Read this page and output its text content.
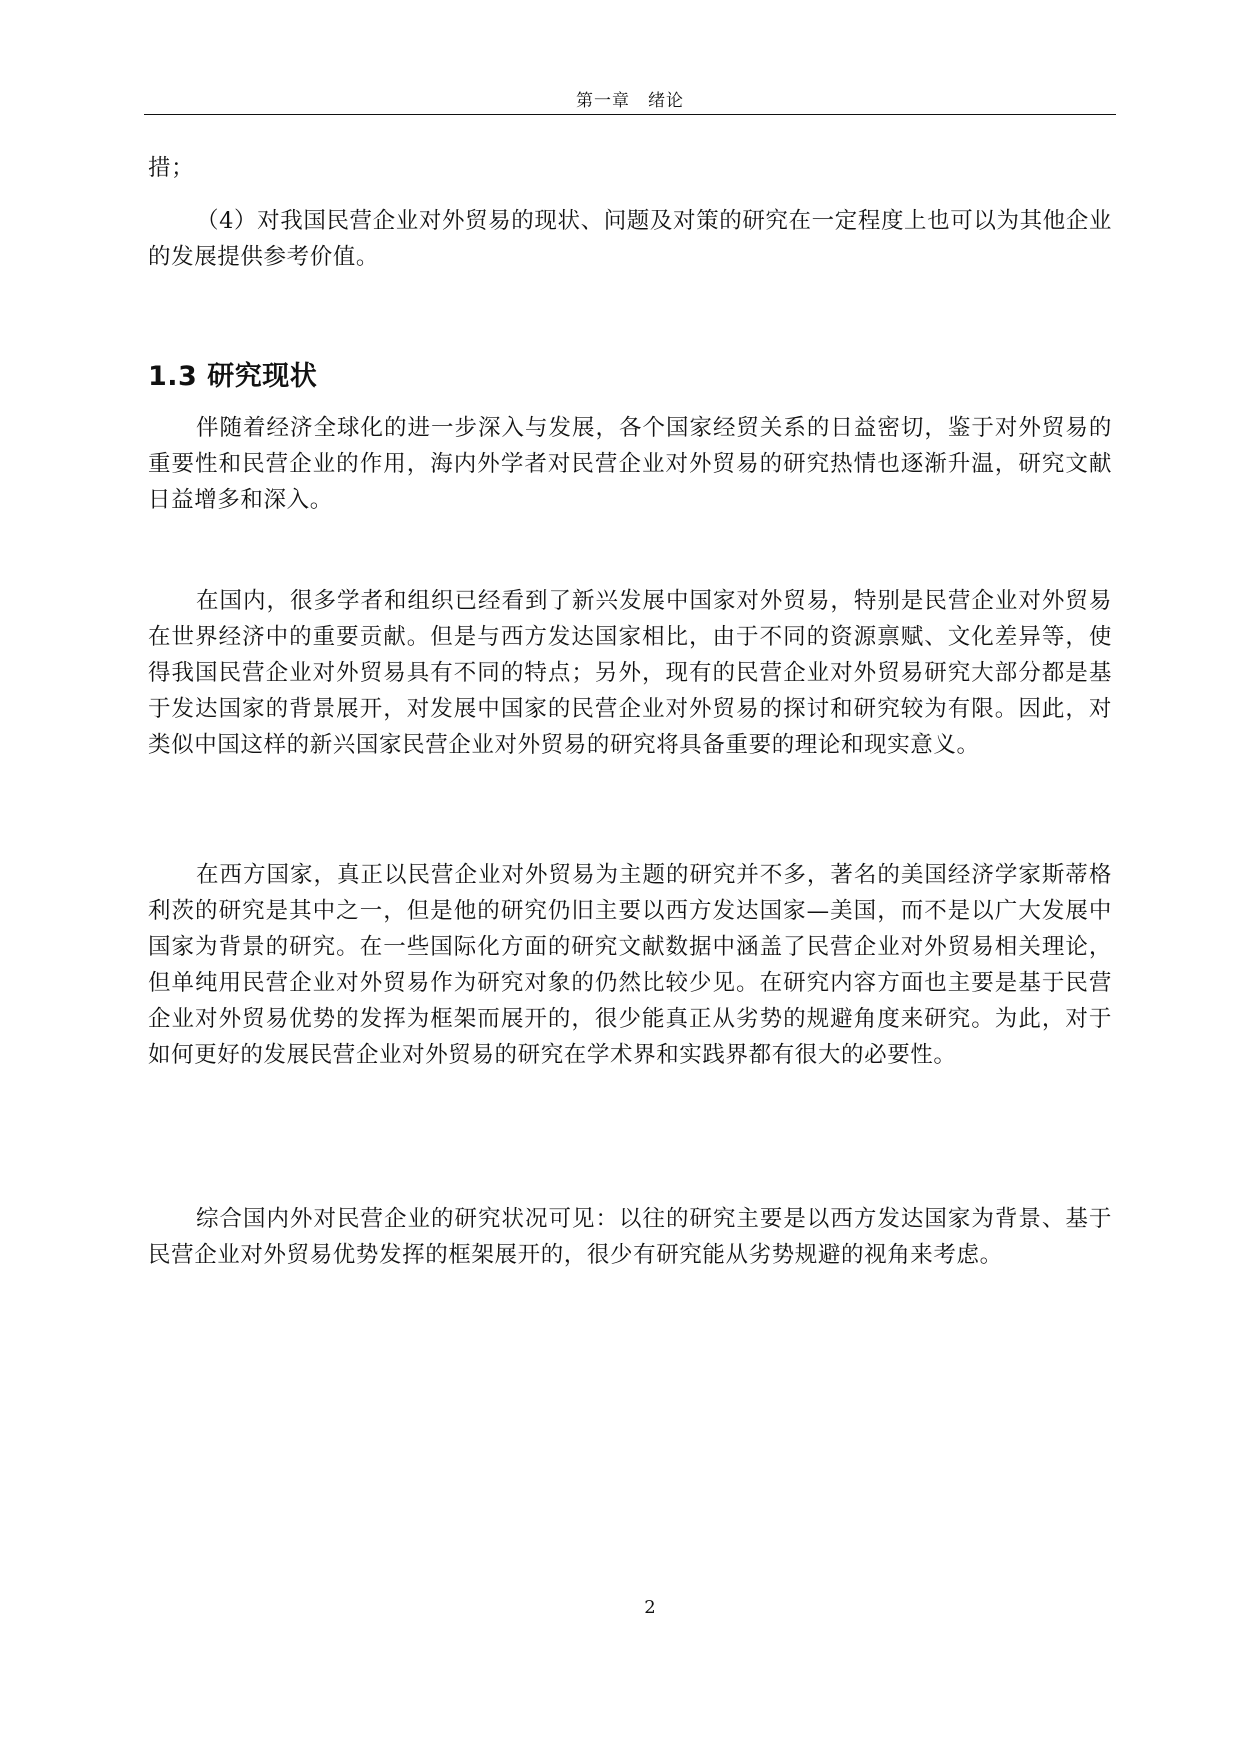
第一章　绪论

措；

（4）对我国民营企业对外贸易的现状、问题及对策的研究在一定程度上也可以为其他企业的发展提供参考价值。

1.3 研究现状

伴随着经济全球化的进一步深入与发展，各个国家经贸关系的日益密切，鉴于对外贸易的重要性和民营企业的作用，海内外学者对民营企业对外贸易的研究热情也逐渐升温，研究文献日益增多和深入。

在国内，很多学者和组织已经看到了新兴发展中国家对外贸易，特别是民营企业对外贸易在世界经济中的重要贡献。但是与西方发达国家相比，由于不同的资源禀赋、文化差异等，使得我国民营企业对外贸易具有不同的特点；另外，现有的民营企业对外贸易研究大部分都是基于发达国家的背景展开，对发展中国家的民营企业对外贸易的探讨和研究较为有限。因此，对类似中国这样的新兴国家民营企业对外贸易的研究将具备重要的理论和现实意义。

在西方国家，真正以民营企业对外贸易为主题的研究并不多，著名的美国经济学家斯蒂格利茨的研究是其中之一，但是他的研究仍旧主要以西方发达国家—美国，而不是以广大发展中国家为背景的研究。在一些国际化方面的研究文献数据中涵盖了民营企业对外贸易相关理论，但单纯用民营企业对外贸易作为研究对象的仍然比较少见。在研究内容方面也主要是基于民营企业对外贸易优势的发挥为框架而展开的，很少能真正从劣势的规避角度来研究。为此，对于如何更好的发展民营企业对外贸易的研究在学术界和实践界都有很大的必要性。

综合国内外对民营企业的研究状况可见：以往的研究主要是以西方发达国家为背景、基于民营企业对外贸易优势发挥的框架展开的，很少有研究能从劣势规避的视角来考虑。

2
